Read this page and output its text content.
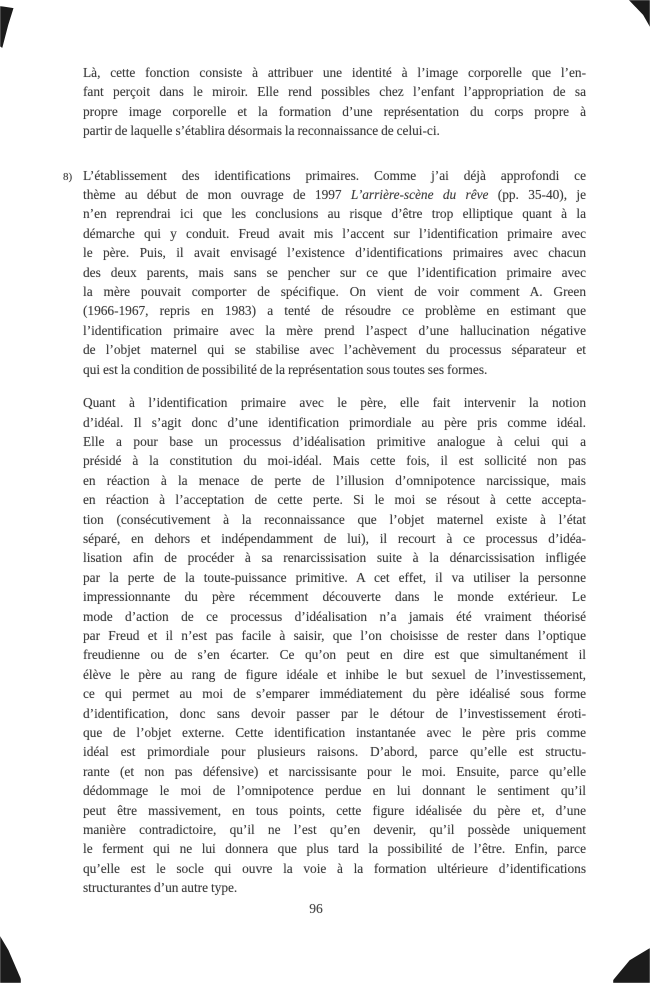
Là, cette fonction consiste à attribuer une identité à l’image corporelle que l’en-
fant perçoit dans le miroir. Elle rend possibles chez l’enfant l’appropriation de sa
propre image corporelle et la formation d’une représentation du corps propre à
partir de laquelle s’établira désormais la reconnaissance de celui-ci.
8) L’établissement des identifications primaires. Comme j’ai déjà approfondi ce
thème au début de mon ouvrage de 1997 L’arrière-scène du rêve (pp. 35-40), je
n’en reprendrai ici que les conclusions au risque d’être trop elliptique quant à la
démarche qui y conduit. Freud avait mis l’accent sur l’identification primaire avec
le père. Puis, il avait envisagé l’existence d’identifications primaires avec chacun
des deux parents, mais sans se pencher sur ce que l’identification primaire avec
la mère pouvait comporter de spécifique. On vient de voir comment A. Green
(1966-1967, repris en 1983) a tenté de résoudre ce problème en estimant que
l’identification primaire avec la mère prend l’aspect d’une hallucination négative
de l’objet maternel qui se stabilise avec l’achèvement du processus séparateur et
qui est la condition de possibilité de la représentation sous toutes ses formes.
Quant à l’identification primaire avec le père, elle fait intervenir la notion
d’idéal. Il s’agit donc d’une identification primordiale au père pris comme idéal.
Elle a pour base un processus d’idéalisation primitive analogue à celui qui a
présidé à la constitution du moi-idéal. Mais cette fois, il est sollicité non pas
en réaction à la menace de perte de l’illusion d’omnipotence narcissique, mais
en réaction à l’acceptation de cette perte. Si le moi se résout à cette accepta-
tion (consécutivement à la reconnaissance que l’objet maternel existe à l’état
séparé, en dehors et indépendamment de lui), il recourt à ce processus d’idéa-
lisation afin de procéder à sa renarcissisation suite à la dénarcissisation infligée
par la perte de la toute-puissance primitive. A cet effet, il va utiliser la personne
impressionnante du père récemment découverte dans le monde extérieur. Le
mode d’action de ce processus d’idéalisation n’a jamais été vraiment théorisé
par Freud et il n’est pas facile à saisir, que l’on choisisse de rester dans l’optique
freudienne ou de s’en écarter. Ce qu’on peut en dire est que simultanément il
élève le père au rang de figure idéale et inhibe le but sexuel de l’investissement,
ce qui permet au moi de s’emparer immédiatement du père idéalisé sous forme
d’identification, donc sans devoir passer par le détour de l’investissement éroti-
que de l’objet externe. Cette identification instantanée avec le père pris comme
idéal est primordiale pour plusieurs raisons. D’abord, parce qu’elle est structu-
rante (et non pas défensive) et narcissisante pour le moi. Ensuite, parce qu’elle
dédommage le moi de l’omnipotence perdue en lui donnant le sentiment qu’il
peut être massivement, en tous points, cette figure idéalisée du père et, d’une
manière contradictoire, qu’il ne l’est qu’en devenir, qu’il possède uniquement
le ferment qui ne lui donnera que plus tard la possibilité de l’être. Enfin, parce
qu’elle est le socle qui ouvre la voie à la formation ultérieure d’identifications
structurantes d’un autre type.
96
